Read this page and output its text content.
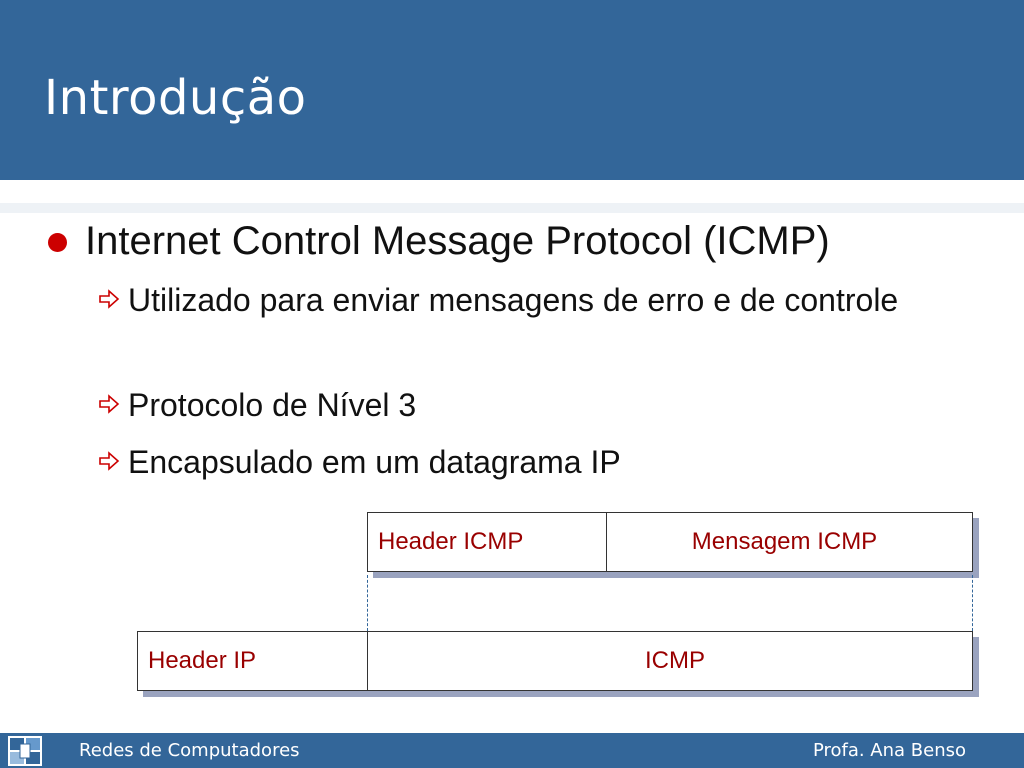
Introdução
Internet Control Message Protocol (ICMP)
Utilizado para enviar mensagens de erro e de controle
Protocolo de Nível 3
Encapsulado em um datagrama IP
Header ICMP	Mensagem ICMP
Header IP	ICMP
Redes de Computadores	Profa. Ana Benso
